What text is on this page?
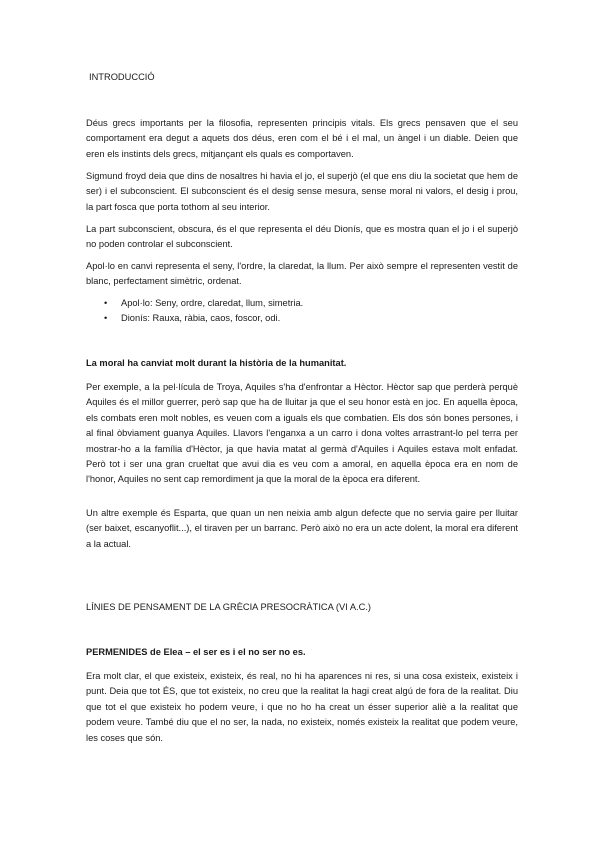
INTRODUCCIÓ

Déus grecs importants per la filosofia, representen principis vitals. Els grecs pensaven que el seu comportament era degut a aquets dos déus, eren com el bé i el mal, un àngel i un diable. Deien que eren els instints dels grecs, mitjançant els quals es comportaven.

Sigmund froyd deia que dins de nosaltres hi havia el jo, el superjò (el que ens diu la societat que hem de ser) i el subconscient. El subconscient és el desig sense mesura, sense moral ni valors, el desig i prou, la part fosca que porta tothom al seu interior.

La part subconscient, obscura, és el que representa el déu Dionís, que es mostra quan el jo i el superjò no poden controlar el subconscient.

Apol·lo en canvi representa el seny, l'ordre, la claredat, la llum. Per això sempre el representen vestit de blanc, perfectament simètric, ordenat.

• Apol·lo: Seny, ordre, claredat, llum, simetria.
• Dionís: Rauxa, ràbia, caos, foscor, odi.

La moral ha canviat molt durant la història de la humanitat.

Per exemple, a la pel·lícula de Troya, Aquiles s'ha d'enfrontar a Hèctor. Hèctor sap que perderà perquè Aquiles és el millor guerrer, però sap que ha de lluitar ja que el seu honor està en joc. En aquella època, els combats eren molt nobles, es veuen com a iguals els que combatien. Els dos són bones persones, i al final òbviament guanya Aquiles. Llavors l'enganxa a un carro i dona voltes arrastrant-lo pel terra per mostrar-ho a la família d'Hèctor, ja que havia matat al germà d'Aquiles i Aquiles estava molt enfadat. Però tot i ser una gran crueltat que avui dia es veu com a amoral, en aquella època era en nom de l'honor, Aquiles no sent cap remordiment ja que la moral de la època era diferent.

Un altre exemple és Esparta, que quan un nen neixia amb algun defecte que no servia gaire per lluitar (ser baixet, escanyoflit...), el tiraven per un barranc. Però això no era un acte dolent, la moral era diferent a la actual.

LÍNIES DE PENSAMENT DE LA GRÈCIA PRESOCRÀTICA (VI A.C.)

PERMENIDES de Elea – el ser es i el no ser no es.

Era molt clar, el que existeix, existeix, és real, no hi ha aparences ni res, si una cosa existeix, existeix i punt. Deia que tot ÉS, que tot existeix, no creu que la realitat la hagi creat algú de fora de la realitat. Diu que tot el que existeix ho podem veure, i que no ho ha creat un ésser superior aliè a la realitat que podem veure. També diu que el no ser, la nada, no existeix, només existeix la realitat que podem veure, les coses que són.
